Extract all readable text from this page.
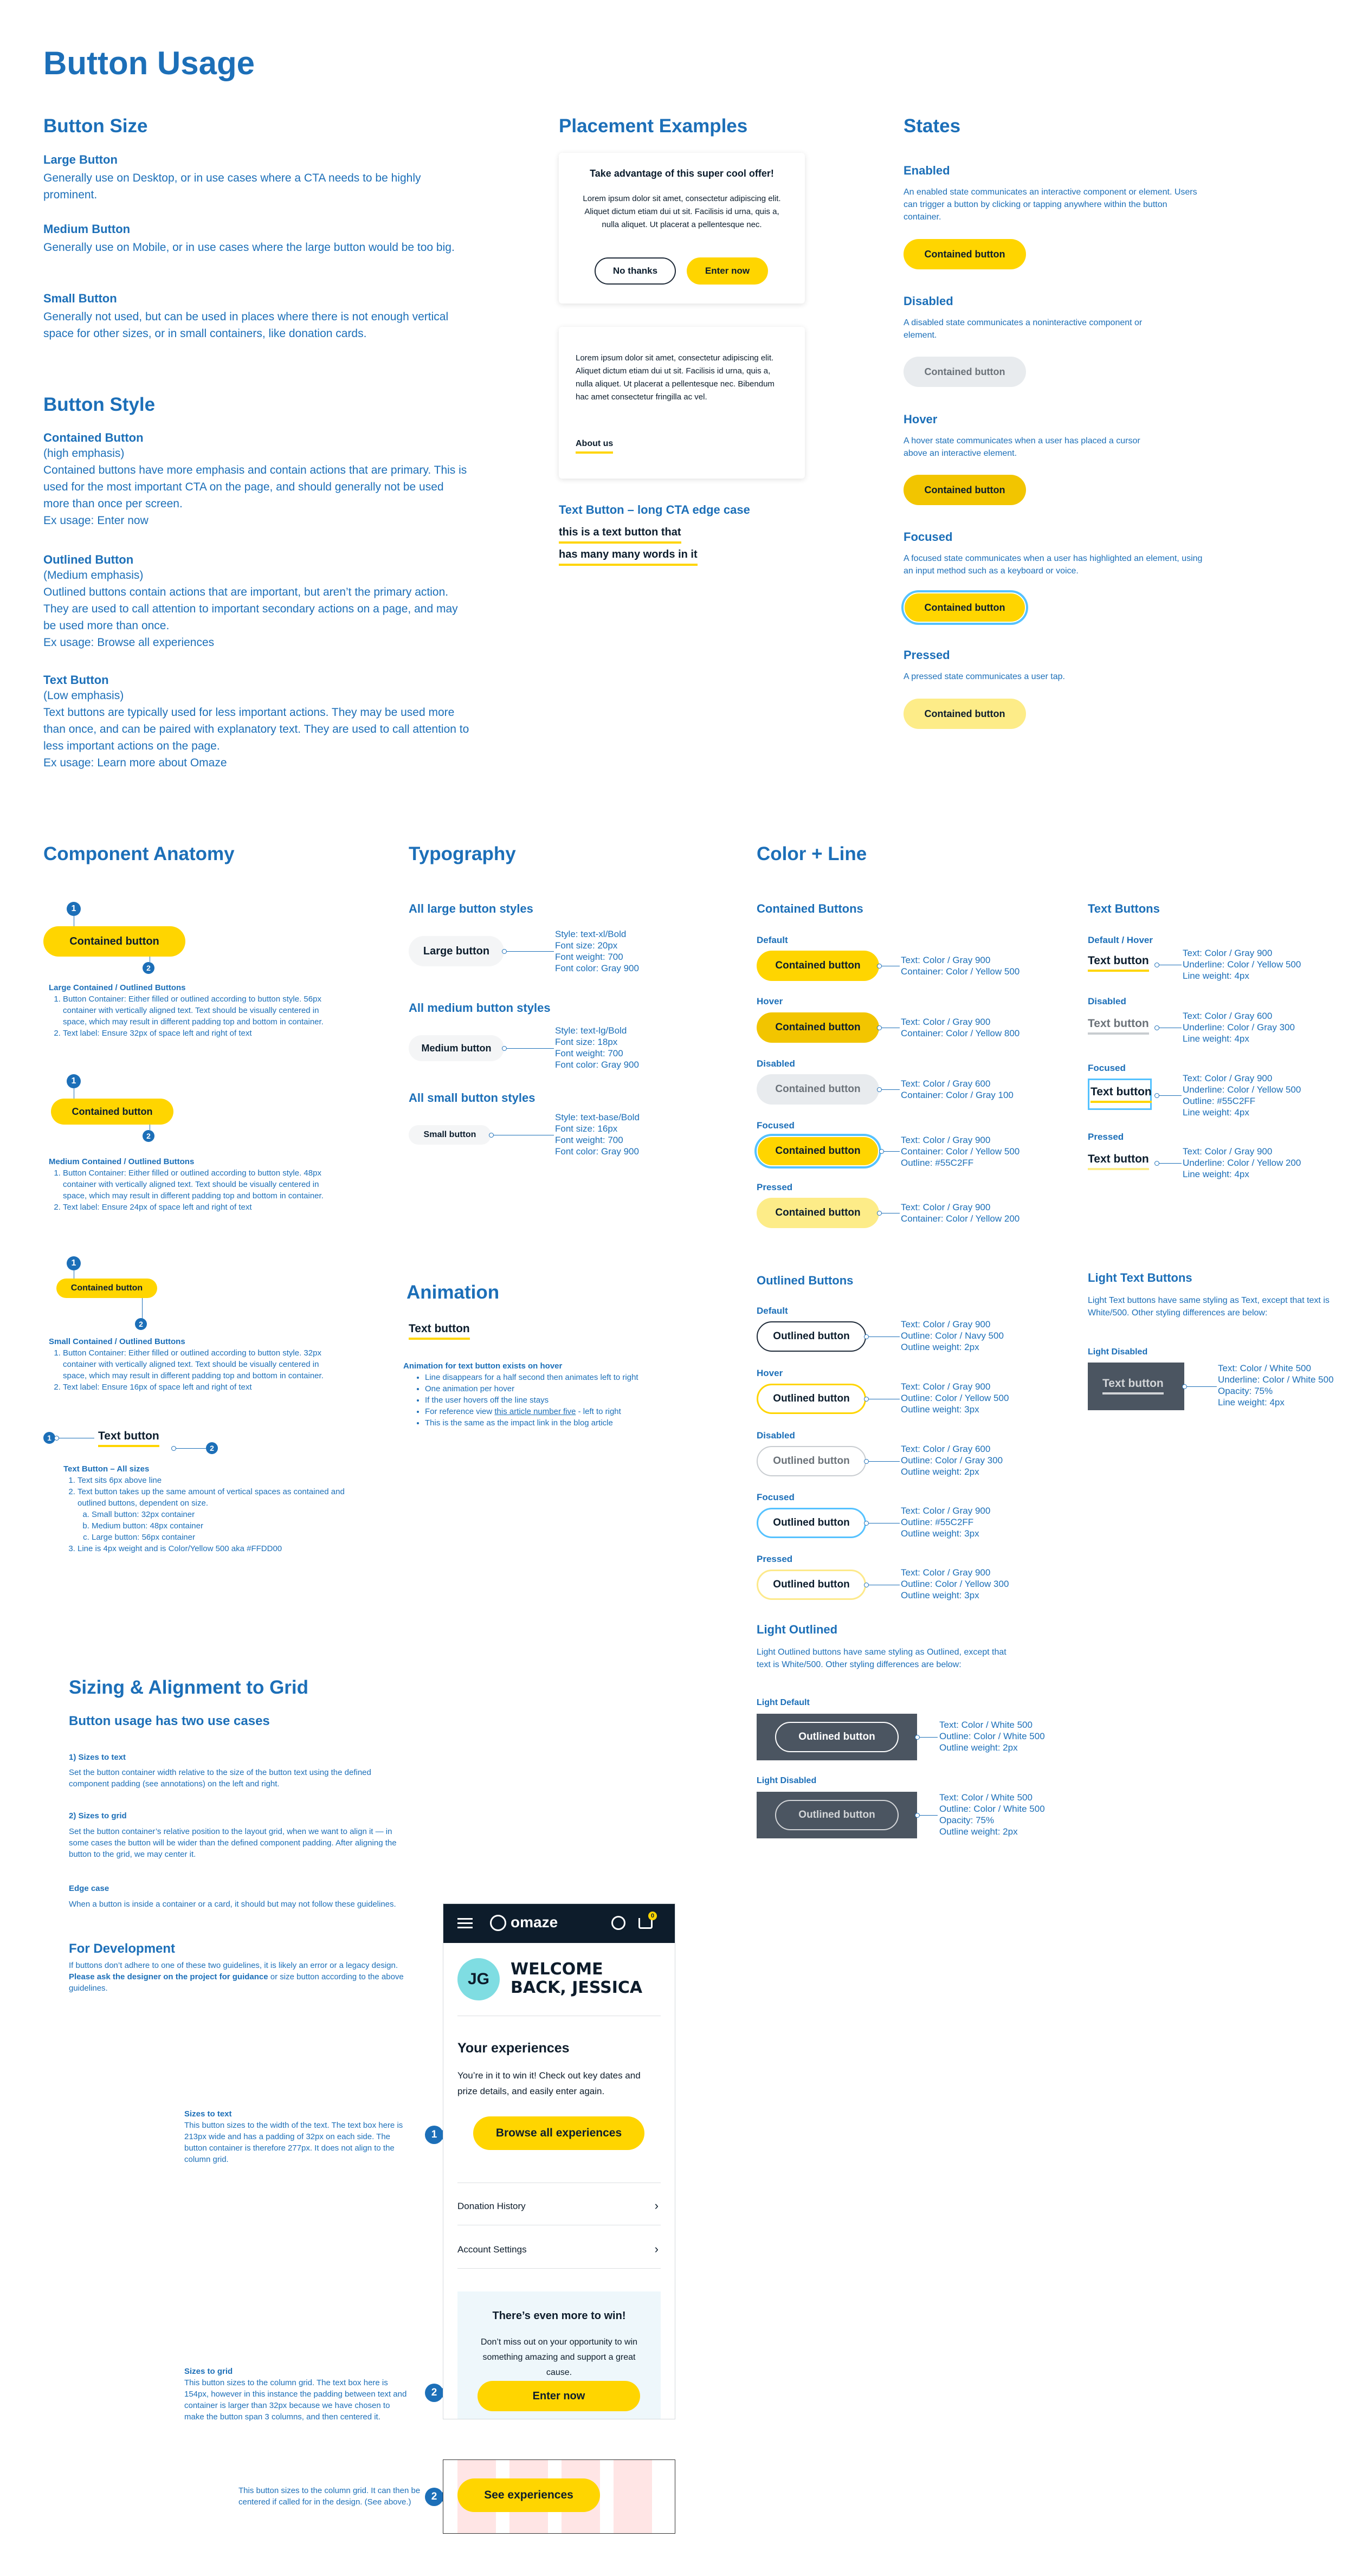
Button Usage
Button Size
Large Button
Generally use on Desktop, or in use cases where a CTA needs to be highly prominent.
Medium Button
Generally use on Mobile, or in use cases where the large button would be too big.
Small Button
Generally not used, but can be used in places where there is not enough vertical space for other sizes, or in small containers, like donation cards.
Button Style
Contained Button
(high emphasis)
Contained buttons have more emphasis and contain actions that are primary. This is used for the most important CTA on the page, and should generally not be used more than once per screen.
Ex usage: Enter now
Outlined Button
(Medium emphasis)
Outlined buttons contain actions that are important, but aren’t the primary action. They are used to call attention to important secondary actions on a page, and may be used more than once.
Ex usage: Browse all experiences
Text Button
(Low emphasis)
Text buttons are typically used for less important actions. They may be used more than once, and can be paired with explanatory text. They are used to call attention to less important actions on the page.
Ex usage: Learn more about Omaze
Placement Examples
Take advantage of this super cool offer!
Lorem ipsum dolor sit amet, consectetur adipiscing elit. Aliquet dictum etiam dui ut sit. Facilisis id urna, quis a, nulla aliquet. Ut placerat a pellentesque nec.
No thanks	Enter now
Lorem ipsum dolor sit amet, consectetur adipiscing elit. Aliquet dictum etiam dui ut sit. Facilisis id urna, quis a, nulla aliquet. Ut placerat a pellentesque nec. Bibendum hac amet consectetur fringilla ac vel.
About us
Text Button – long CTA edge case
this is a text button that
has many many words in it
States
Enabled
An enabled state communicates an interactive component or element. Users can trigger a button by clicking or tapping anywhere within the button container.
Contained button
Disabled
A disabled state communicates a noninteractive component or element.
Contained button
Hover
A hover state communicates when a user has placed a cursor above an interactive element.
Contained button
Focused
A focused state communicates when a user has highlighted an element, using an input method such as a keyboard or voice.
Contained button
Pressed
A pressed state communicates a user tap.
Contained button
Component Anatomy
1
Contained button
2
Large Contained / Outlined Buttons
1. Button Container: Either filled or outlined according to button style. 56px container with vertically aligned text. Text should be visually centered in space, which may result in different padding top and bottom in container.
2. Text label: Ensure 32px of space left and right of text
1
Contained button
2
Medium Contained / Outlined Buttons
1. Button Container: Either filled or outlined according to button style. 48px container with vertically aligned text. Text should be visually centered in space, which may result in different padding top and bottom in container.
2. Text label: Ensure 24px of space left and right of text
1
Contained button
2
Small Contained / Outlined Buttons
1. Button Container: Either filled or outlined according to button style. 32px container with vertically aligned text. Text should be visually centered in space, which may result in different padding top and bottom in container.
2. Text label: Ensure 16px of space left and right of text
1	Text button
2
Text Button – All sizes
1. Text sits 6px above line
2. Text button takes up the same amount of vertical spaces as contained and outlined buttons, dependent on size.
a. Small button: 32px container
b. Medium button: 48px container
c. Large button: 56px container
3. Line is 4px weight and is Color/Yellow 500 aka #FFDD00
Typography
All large button styles
Large button
Style: text-xl/Bold
Font size: 20px
Font weight: 700
Font color: Gray 900
All medium button styles
Medium button
Style: text-lg/Bold
Font size: 18px
Font weight: 700
Font color: Gray 900
All small button styles
Small button
Style: text-base/Bold
Font size: 16px
Font weight: 700
Font color: Gray 900
Animation
Text button
Animation for text button exists on hover
• Line disappears for a half second then animates left to right
• One animation per hover
• If the user hovers off the line stays
• For reference view this article number five - left to right
• This is the same as the impact link in the blog article
Color + Line
Contained Buttons
Default
Contained button	Text: Color / Gray 900
Container: Color / Yellow 500
Hover
Contained button	Text: Color / Gray 900
Container: Color / Yellow 800
Disabled
Contained button	Text: Color / Gray 600
Container: Color / Gray 100
Focused
Contained button
Text: Color / Gray 900
Container: Color / Yellow 500
Outline: #55C2FF
Pressed
Contained button	Text: Color / Gray 900
Container: Color / Yellow 200
Text Buttons
Default / Hover
Text button
Text: Color / Gray 900
Underline: Color / Yellow 500
Line weight: 4px
Disabled
Text button
Text: Color / Gray 600
Underline: Color / Gray 300
Line weight: 4px
Focused
Text button
Text: Color / Gray 900
Underline: Color / Yellow 500
Outline: #55C2FF
Line weight: 4px
Pressed
Text button
Text: Color / Gray 900
Underline: Color / Yellow 200
Line weight: 4px
Outlined Buttons
Default
Outlined button
Text: Color / Gray 900
Outline: Color / Navy 500
Outline weight: 2px
Hover
Outlined button
Text: Color / Gray 900
Outline: Color / Yellow 500
Outline weight: 3px
Disabled
Outlined button
Text: Color / Gray 600
Outline: Color / Gray 300
Outline weight: 2px
Focused
Outlined button
Text: Color / Gray 900
Outline: #55C2FF
Outline weight: 3px
Pressed
Outlined button
Text: Color / Gray 900
Outline: Color / Yellow 300
Outline weight: 3px
Light Text Buttons
Light Text buttons have same styling as Text, except that text is White/500. Other styling differences are below:
Light Disabled
Text button
Text: Color / White 500
Underline: Color / White 500
Opacity: 75%
Line weight: 4px
Light Outlined
Light Outlined buttons have same styling as Outlined, except that text is White/500. Other styling differences are below:
Light Default
Outlined button
Text: Color / White 500
Outline: Color / White 500
Outline weight: 2px
Light Disabled
Outlined button
Text: Color / White 500
Outline: Color / White 500
Opacity: 75%
Outline weight: 2px
Sizing & Alignment to Grid
Button usage has two use cases
1) Sizes to text
Set the button container width relative to the size of the button text using the defined component padding (see annotations) on the left and right.
2) Sizes to grid
Set the button container’s relative position to the layout grid, when we want to align it — in some cases the button will be wider than the defined component padding. After aligning the button to the grid, we may center it.
Edge case
When a button is inside a container or a card, it should but may not follow these guidelines.
For Development
If buttons don’t adhere to one of these two guidelines, it is likely an error or a legacy design. Please ask the designer on the project for guidance or size button according to the above guidelines.
Sizes to text
This button sizes to the width of the text. The text box here is 213px wide and has a padding of 32px on each side. The button container is therefore 277px. It does not align to the column grid.
1
Sizes to grid
This button sizes to the column grid. The text box here is 154px, however in this instance the padding between text and container is larger than 32px because we have chosen to make the button span 3 columns, and then centered it.
2
This button sizes to the column grid. It can then be centered if called for in the design. (See above.)	2
omaze	0
JG
WELCOME BACK, JESSICA
Your experiences
You’re in it to win it! Check out key dates and prize details, and easily enter again.
Browse all experiences
Donation History	›
Account Settings	›
There’s even more to win!
Don’t miss out on your opportunity to win something amazing and support a great cause.
Enter now
See experiences
